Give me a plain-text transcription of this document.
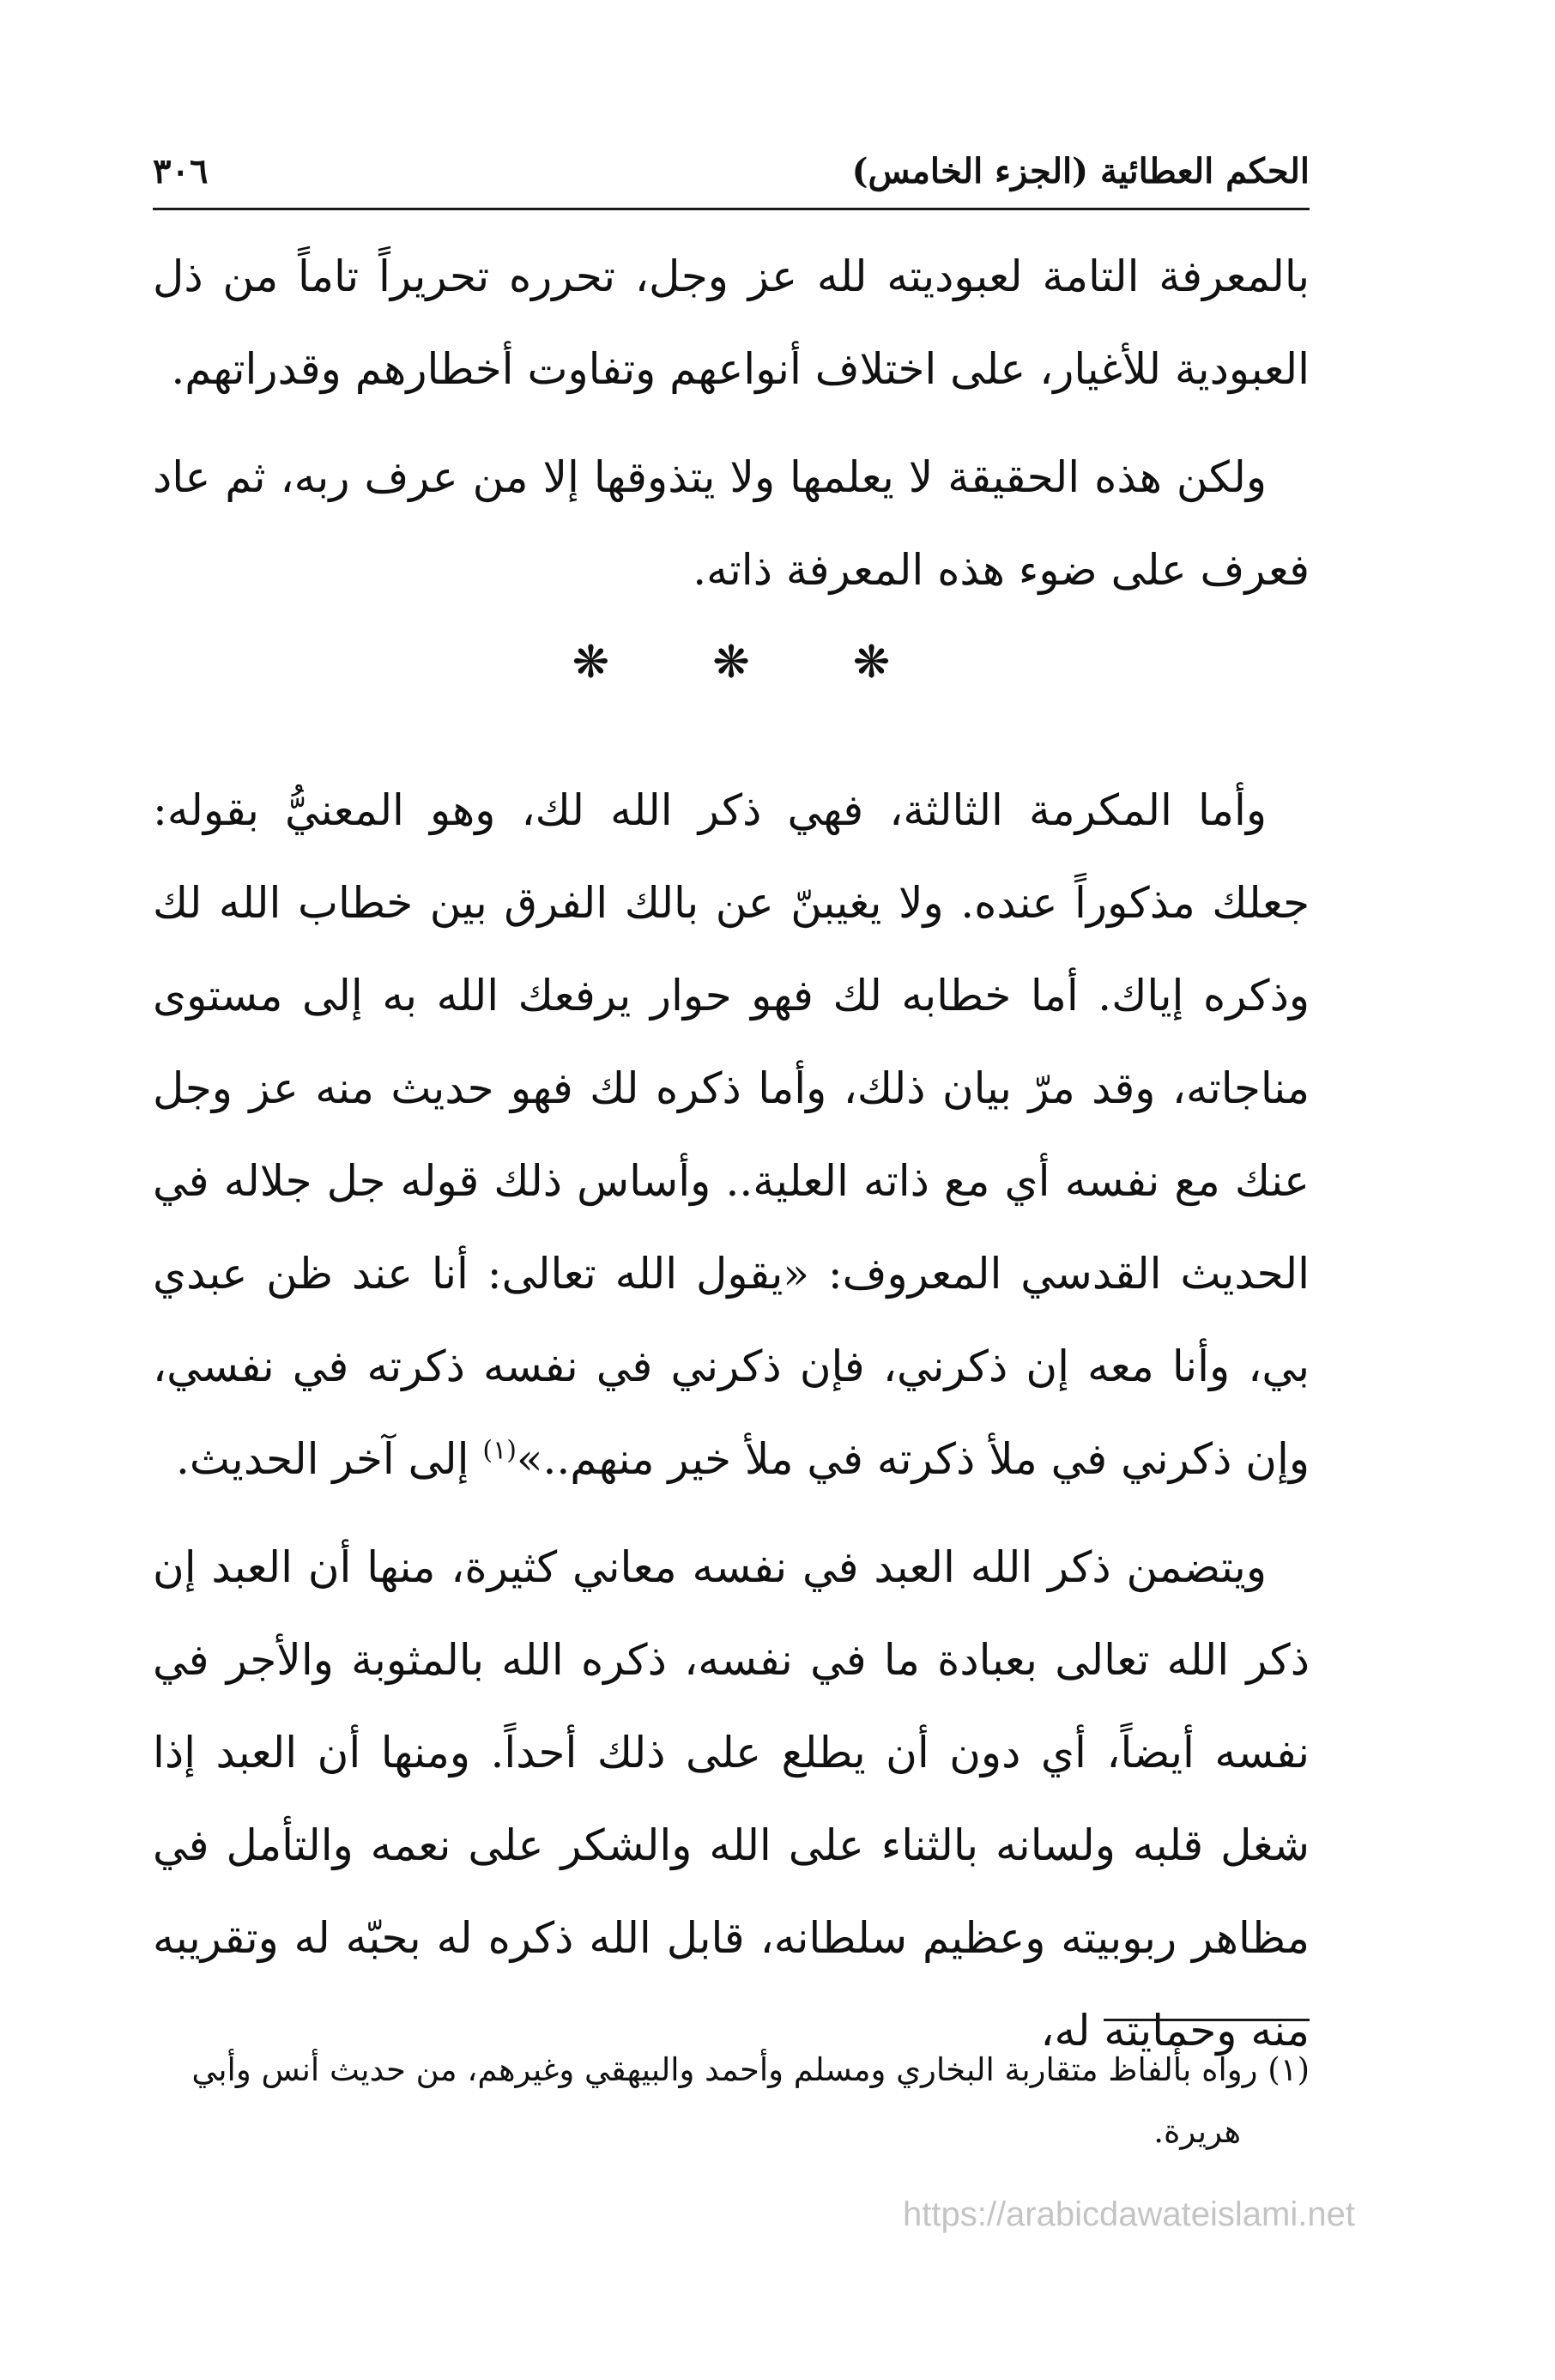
الحكم العطائية (الجزء الخامس)
٣٠٦

بالمعرفة التامة لعبوديته لله عز وجل، تحرره تحريراً تاماً من ذل العبودية للأغيار، على اختلاف أنواعهم وتفاوت أخطارهم وقدراتهم.

ولكن هذه الحقيقة لا يعلمها ولا يتذوقها إلا من عرف ربه، ثم عاد فعرف على ضوء هذه المعرفة ذاته.

❋ ❋ ❋

وأما المكرمة الثالثة، فهي ذكر الله لك، وهو المعنيُّ بقوله: جعلك مذكوراً عنده. ولا يغيبنّ عن بالك الفرق بين خطاب الله لك وذكره إياك. أما خطابه لك فهو حوار يرفعك الله به إلى مستوى مناجاته، وقد مرّ بيان ذلك، وأما ذكره لك فهو حديث منه عز وجل عنك مع نفسه أي مع ذاته العلية.. وأساس ذلك قوله جل جلاله في الحديث القدسي المعروف: «يقول الله تعالى: أنا عند ظن عبدي بي، وأنا معه إن ذكرني، فإن ذكرني في نفسه ذكرته في نفسي، وإن ذكرني في ملأ ذكرته في ملأ خير منهم..»$^{(١)}$ إلى آخر الحديث.

ويتضمن ذكر الله العبد في نفسه معاني كثيرة، منها أن العبد إن ذكر الله تعالى بعبادة ما في نفسه، ذكره الله بالمثوبة والأجر في نفسه أيضاً، أي دون أن يطلع على ذلك أحداً. ومنها أن العبد إذا شغل قلبه ولسانه بالثناء على الله والشكر على نعمه والتأمل في مظاهر ربوبيته وعظيم سلطانه، قابل الله ذكره له بحبّه له وتقريبه منه وحمايته له،

(١) رواه بألفاظ متقاربة البخاري ومسلم وأحمد والبيهقي وغيرهم، من حديث أنس وأبي
هريرة.
https://arabicdawateislami.net
